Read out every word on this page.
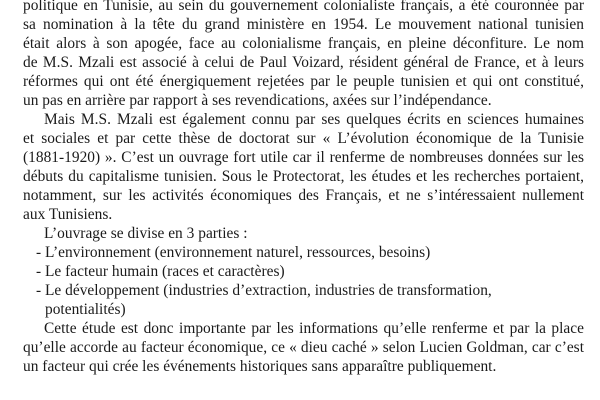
politique en Tunisie, au sein du gouvernement colonialiste français, a été couronnée par
sa nomination à la tête du grand ministère en 1954. Le mouvement national tunisien
était alors à son apogée, face au colonialisme français, en pleine déconfiture. Le nom
de M.S. Mzali est associé à celui de Paul Voizard, résident général de France, et à leurs
réformes qui ont été énergiquement rejetées par le peuple tunisien et qui ont constitué,
un pas en arrière par rapport à ses revendications, axées sur l’indépendance.
Mais M.S. Mzali est également connu par ses quelques écrits en sciences humaines
et sociales et par cette thèse de doctorat sur « L’évolution économique de la Tunisie
(1881-1920) ». C’est un ouvrage fort utile car il renferme de nombreuses données sur les
débuts du capitalisme tunisien. Sous le Protectorat, les études et les recherches portaient,
notamment, sur les activités économiques des Français, et ne s’intéressaient nullement
aux Tunisiens.
L’ouvrage se divise en 3 parties :
- L’environnement (environnement naturel, ressources, besoins)
- Le facteur humain (races et caractères)
- Le développement (industries d’extraction, industries de transformation,
potentialités)
Cette étude est donc importante par les informations qu’elle renferme et par la place
qu’elle accorde au facteur économique, ce « dieu caché » selon Lucien Goldman, car c’est
un facteur qui crée les événements historiques sans apparaître publiquement.
